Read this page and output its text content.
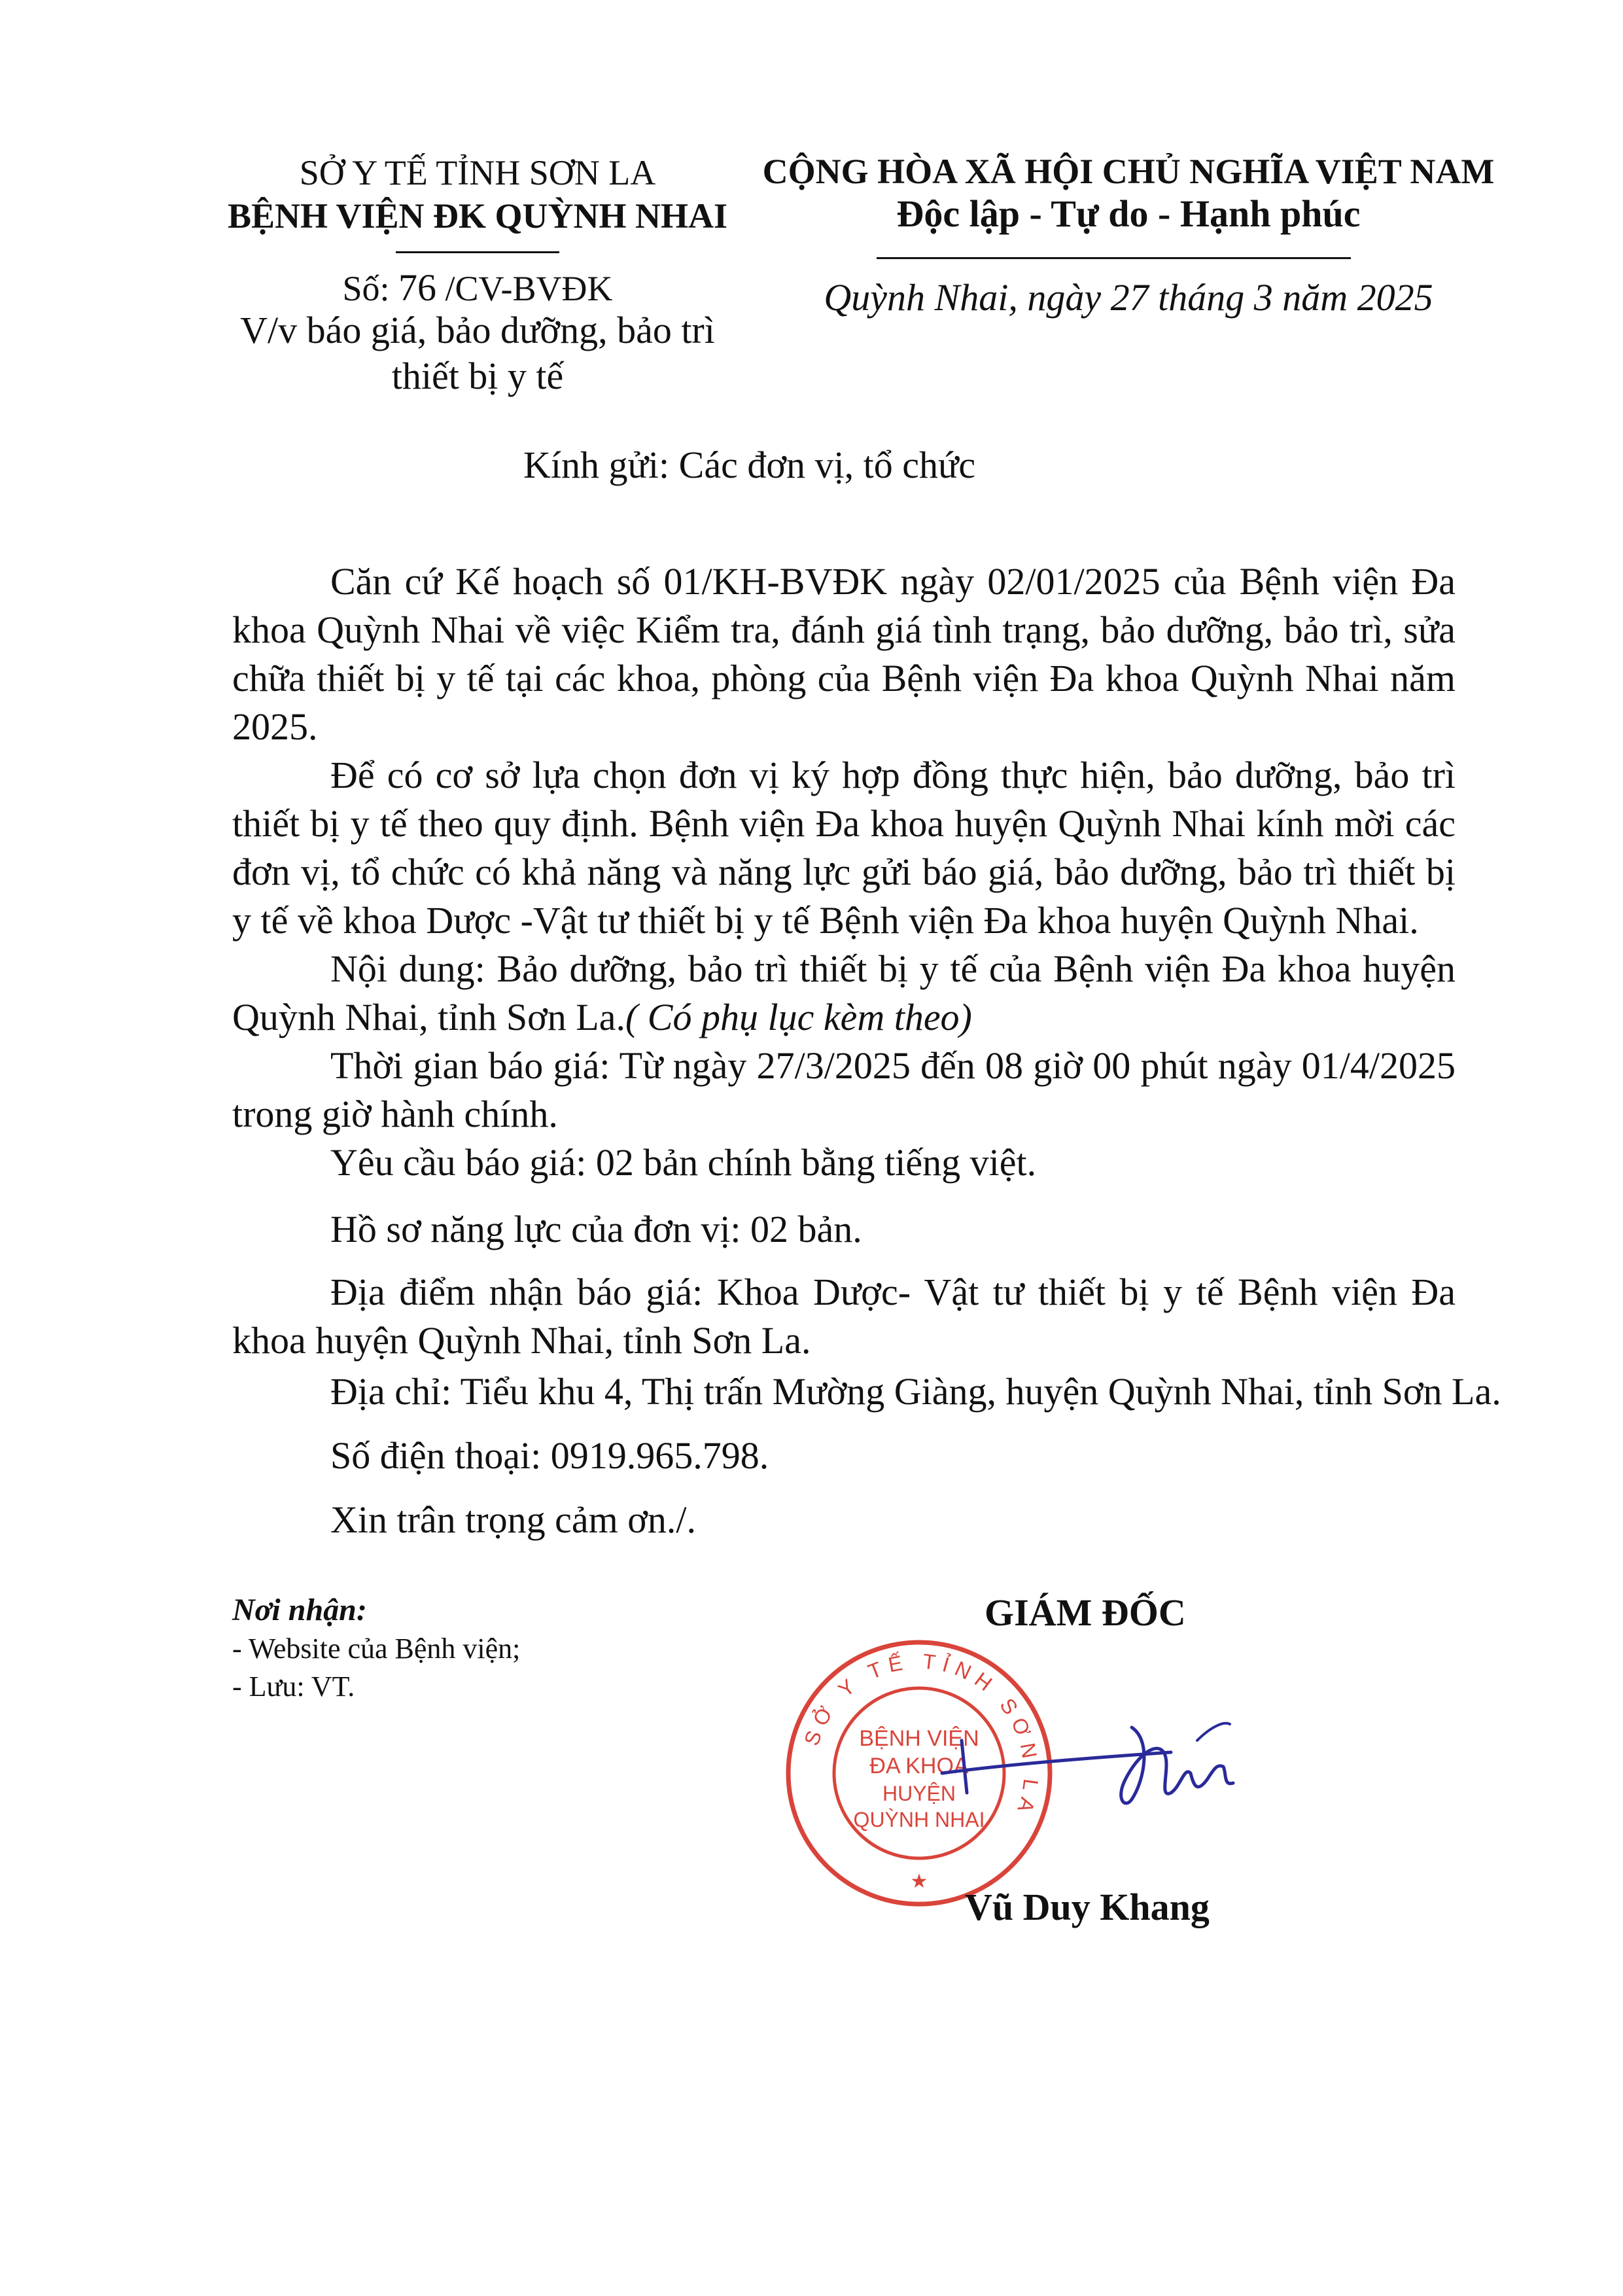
SỞ Y TẾ TỈNH SƠN LA
BỆNH VIỆN ĐK QUỲNH NHAI
Số: 76 /CV-BVĐK
V/v báo giá, bảo dưỡng, bảo trì
thiết bị y tế
CỘNG HÒA XÃ HỘI CHỦ NGHĨA VIỆT NAM
Độc lập - Tự do - Hạnh phúc
Quỳnh Nhai, ngày 27 tháng 3 năm 2025
Kính gửi: Các đơn vị, tổ chức
Căn cứ Kế hoạch số 01/KH-BVĐK ngày 02/01/2025 của Bệnh viện Đa khoa Quỳnh Nhai về việc Kiểm tra, đánh giá tình trạng, bảo dưỡng, bảo trì, sửa chữa thiết bị y tế tại các khoa, phòng của Bệnh viện Đa khoa Quỳnh Nhai năm 2025.
Để có cơ sở lựa chọn đơn vị ký hợp đồng thực hiện, bảo dưỡng, bảo trì thiết bị y tế theo quy định. Bệnh viện Đa khoa huyện Quỳnh Nhai kính mời các đơn vị, tổ chức có khả năng và năng lực gửi báo giá, bảo dưỡng, bảo trì thiết bị y tế về khoa Dược -Vật tư thiết bị y tế Bệnh viện Đa khoa huyện Quỳnh Nhai.
Nội dung: Bảo dưỡng, bảo trì thiết bị y tế của Bệnh viện Đa khoa huyện Quỳnh Nhai, tỉnh Sơn La.( Có phụ lục kèm theo)
Thời gian báo giá: Từ ngày 27/3/2025 đến 08 giờ 00 phút ngày 01/4/2025 trong giờ hành chính.
Yêu cầu báo giá: 02 bản chính bằng tiếng việt.
Hồ sơ năng lực của đơn vị: 02 bản.
Địa điểm nhận báo giá: Khoa Dược- Vật tư thiết bị y tế Bệnh viện Đa khoa huyện Quỳnh Nhai, tỉnh Sơn La.
Địa chỉ: Tiểu khu 4, Thị trấn Mường Giàng, huyện Quỳnh Nhai, tỉnh Sơn La.
Số điện thoại: 0919.965.798.
Xin trân trọng cảm ơn./.
Nơi nhận:
- Website của Bệnh viện;
- Lưu: VT.
GIÁM ĐỐC
SỞ Y TẾ TỈNH SƠN LA
BỆNH VIỆN
ĐA KHOA
HUYỆN
QUỲNH NHAI
★
Vũ Duy Khang
